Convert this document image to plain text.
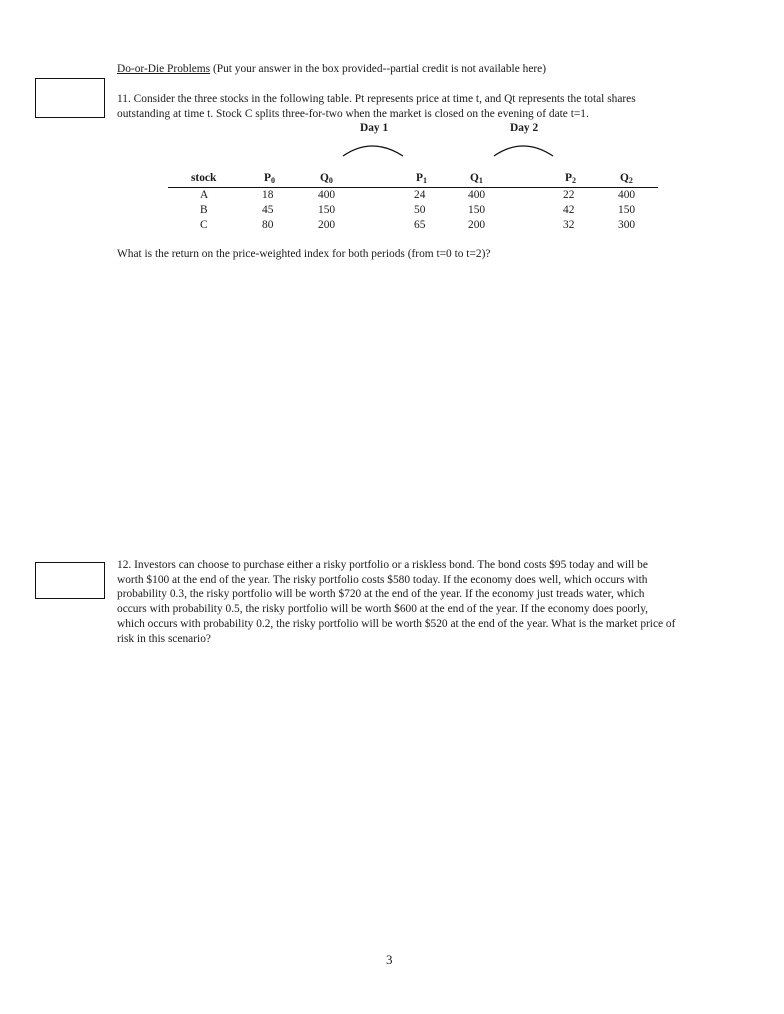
Do-or-Die Problems (Put your answer in the box provided--partial credit is not available here)
11. Consider the three stocks in the following table. Pt represents price at time t, and Qt represents the total shares outstanding at time t. Stock C splits three-for-two when the market is closed on the evening of date t=1.
Day 1	Day 2
stock	$P_0$	$Q_0$	$P_1$	$Q_1$	$P_2$	$Q_2$
A	18	400	24	400	22	400
B	45	150	50	150	42	150
C	80	200	65	200	32	300
What is the return on the price-weighted index for both periods (from t=0 to t=2)?
12. Investors can choose to purchase either a risky portfolio or a riskless bond. The bond costs $95 today and will be worth $100 at the end of the year. The risky portfolio costs $580 today. If the economy does well, which occurs with probability 0.3, the risky portfolio will be worth $720 at the end of the year. If the economy just treads water, which occurs with probability 0.5, the risky portfolio will be worth $600 at the end of the year. If the economy does poorly, which occurs with probability 0.2, the risky portfolio will be worth $520 at the end of the year. What is the market price of risk in this scenario?
3
